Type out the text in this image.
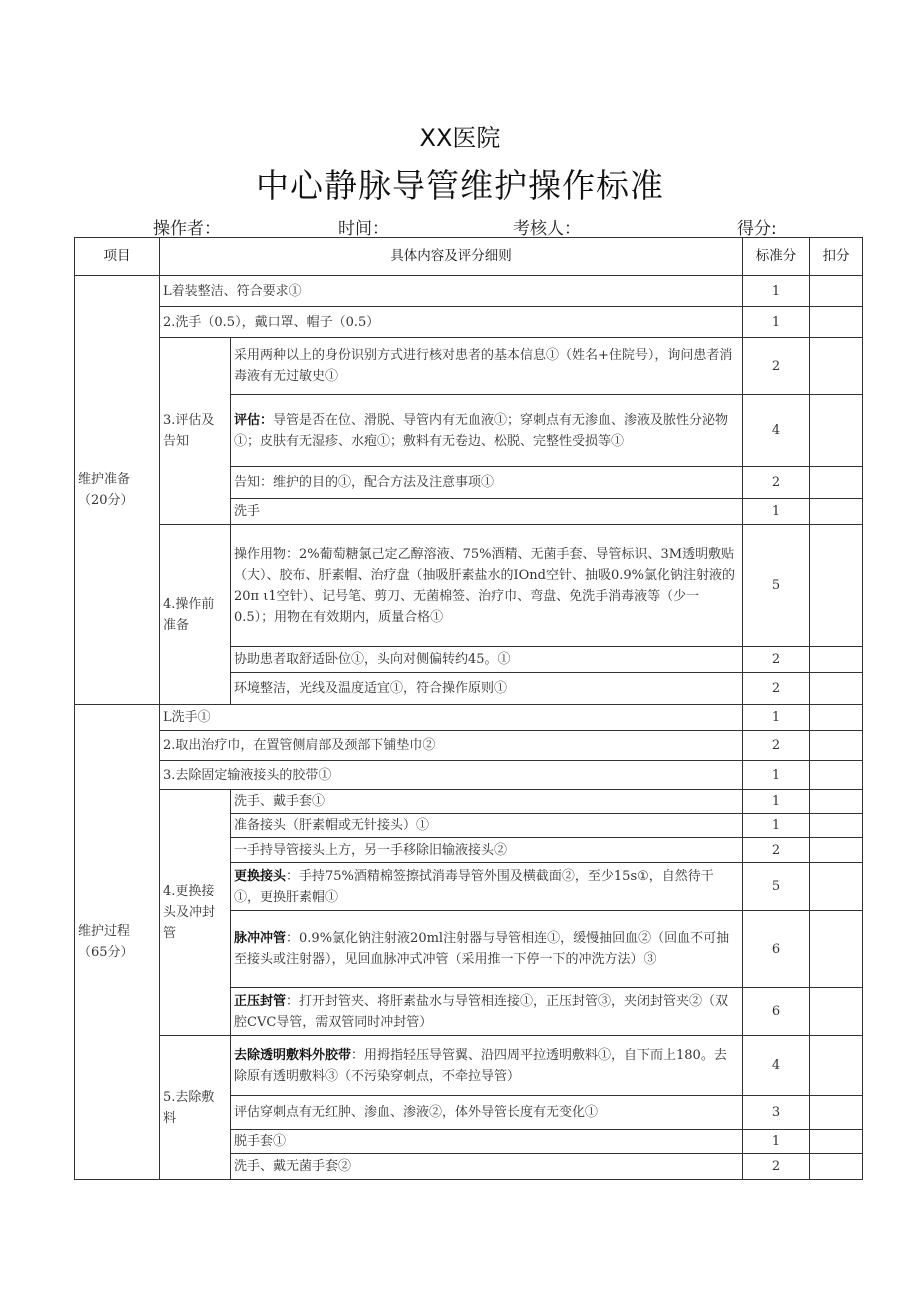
XX医院
中心静脉导管维护操作标准
操作者：	时间：	考核人：	得分:
项目	具体内容及评分细则		标准分	扣分
维护准备（20分）	L着装整洁、符合要求①		1	
	2.洗手（0.5），戴口罩、帽子（0.5）		1	
	3.评估及告知	采用两种以上的身份识别方式进行核对患者的基本信息①（姓名+住院号），询问患者消毒液有无过敏史①	2	
		评估：导管是否在位、滑脱、导管内有无血液①；穿刺点有无渗血、渗液及脓性分泌物①；皮肤有无湿疹、水疱①；敷料有无卷边、松脱、完整性受损等①	4	
		告知：维护的目的①，配合方法及注意事项①	2	
		洗手	1	
	4.操作前准备	操作用物：2%葡萄糖氯己定乙醇溶液、75%酒精、无菌手套、导管标识、3M透明敷贴（大）、胶布、肝素帽、治疗盘（抽吸肝素盐水的IOnd空针、抽吸0.9%氯化钠注射液的20π ι1空针）、记号笔、剪刀、无菌棉签、治疗巾、弯盘、免洗手消毒液等（少一0.5）；用物在有效期内，质量合格①	5	
		协助患者取舒适卧位①，头向对侧偏转约45。①	2	
		环境整洁，光线及温度适宜①，符合操作原则①	2	
维护过程（65分）	L洗手①		1	
	2.取出治疗巾，在置管侧肩部及颈部下铺垫巾②		2	
	3.去除固定输液接头的胶带①		1	
	4.更换接头及冲封管	洗手、戴手套①	1	
		准备接头（肝素帽或无针接头）①	1	
		一手持导管接头上方，另一手移除旧输液接头②	2	
		更换接头：手持75%酒精棉签擦拭消毒导管外围及横截面②，至少15s①，自然待干①，更换肝素帽①	5	
		脉冲冲管：0.9%氯化钠注射液20ml注射器与导管相连①，缓慢抽回血②（回血不可抽至接头或注射器），见回血脉冲式冲管（采用推一下停一下的冲洗方法）③	6	
		正压封管：打开封管夹、将肝素盐水与导管相连接①，正压封管③，夹闭封管夹②（双腔CVC导管，需双管同时冲封管）	6	
	5.去除敷料	去除透明敷料外胶带：用拇指轻压导管翼、沿四周平拉透明敷料①，自下而上180。去除原有透明敷料③（不污染穿刺点，不牵拉导管）	4	
		评估穿刺点有无红肿、渗血、渗液②，体外导管长度有无变化①	3	
		脱手套①	1	
		洗手、戴无菌手套②	2	
